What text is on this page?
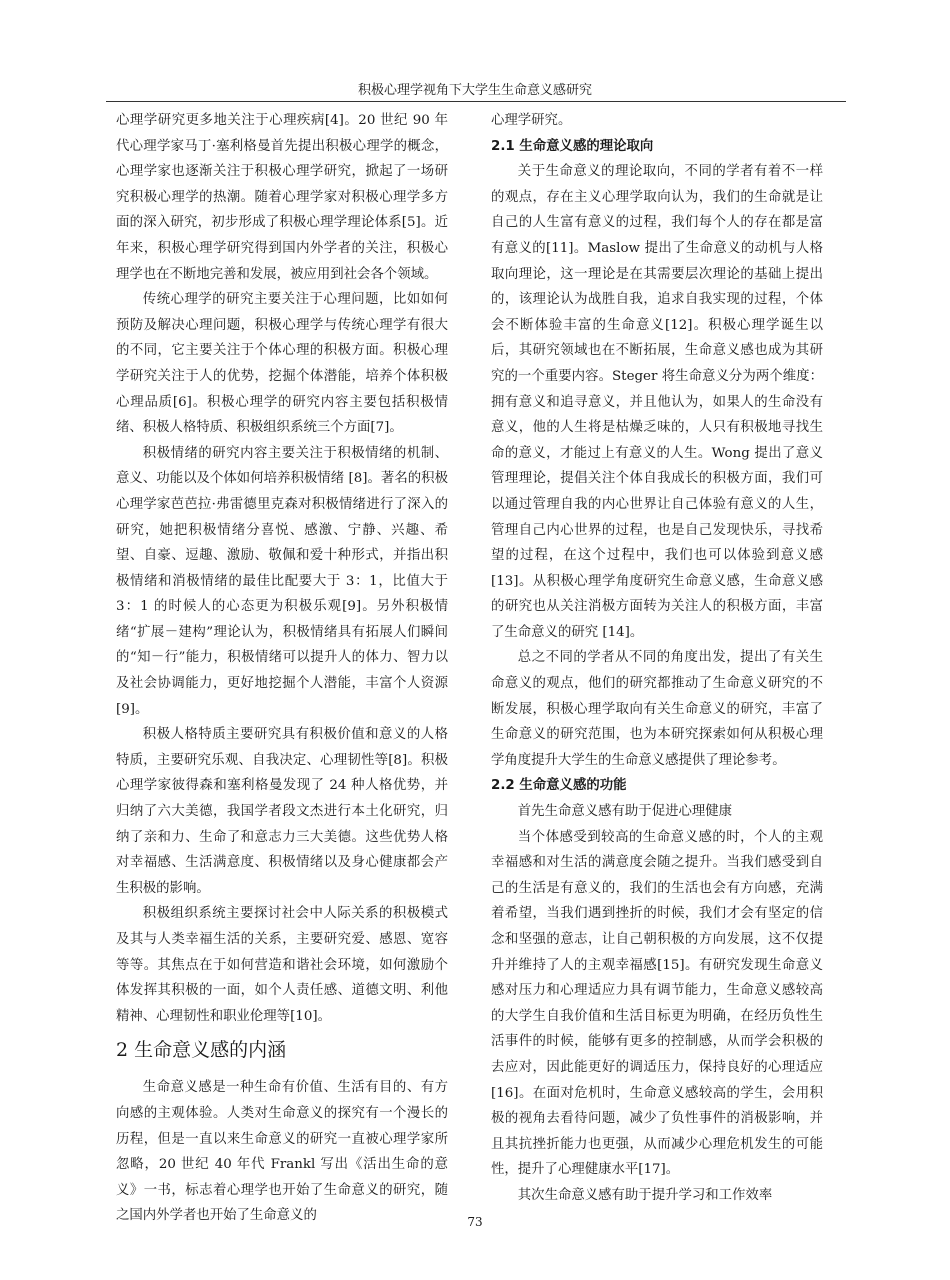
积极心理学视角下大学生生命意义感研究

心理学研究更多地关注于心理疾病[4]。20 世纪 90 年代心理学家马丁·塞利格曼首先提出积极心理学的概念，心理学家也逐渐关注于积极心理学研究，掀起了一场研究积极心理学的热潮。随着心理学家对积极心理学多方面的深入研究，初步形成了积极心理学理论体系[5]。近年来，积极心理学研究得到国内外学者的关注，积极心理学也在不断地完善和发展，被应用到社会各个领域。

传统心理学的研究主要关注于心理问题，比如如何预防及解决心理问题，积极心理学与传统心理学有很大的不同，它主要关注于个体心理的积极方面。积极心理学研究关注于人的优势，挖掘个体潜能，培养个体积极心理品质[6]。积极心理学的研究内容主要包括积极情绪、积极人格特质、积极组织系统三个方面[7]。

积极情绪的研究内容主要关注于积极情绪的机制、意义、功能以及个体如何培养积极情绪 [8]。著名的积极心理学家芭芭拉·弗雷德里克森对积极情绪进行了深入的研究，她把积极情绪分喜悦、感激、宁静、兴趣、希望、自豪、逗趣、激励、敬佩和爱十种形式，并指出积极情绪和消极情绪的最佳比配要大于 3：1，比值大于 3：1 的时候人的心态更为积极乐观[9]。另外积极情绪“扩展－建构”理论认为，积极情绪具有拓展人们瞬间的“知－行”能力，积极情绪可以提升人的体力、智力以及社会协调能力，更好地挖掘个人潜能，丰富个人资源 [9]。

积极人格特质主要研究具有积极价值和意义的人格特质，主要研究乐观、自我决定、心理韧性等[8]。积极心理学家彼得森和塞利格曼发现了 24 种人格优势，并归纳了六大美德，我国学者段文杰进行本土化研究，归纳了亲和力、生命了和意志力三大美德。这些优势人格对幸福感、生活满意度、积极情绪以及身心健康都会产生积极的影响。

积极组织系统主要探讨社会中人际关系的积极模式及其与人类幸福生活的关系，主要研究爱、感恩、宽容等等。其焦点在于如何营造和谐社会环境，如何激励个体发挥其积极的一面，如个人责任感、道德文明、利他精神、心理韧性和职业伦理等[10]。

2 生命意义感的内涵

生命意义感是一种生命有价值、生活有目的、有方向感的主观体验。人类对生命意义的探究有一个漫长的历程，但是一直以来生命意义的研究一直被心理学家所忽略，20 世纪 40 年代 Frankl 写出《活出生命的意义》一书，标志着心理学也开始了生命意义的研究，随之国内外学者也开始了生命意义的

心理学研究。

2.1 生命意义感的理论取向

关于生命意义的理论取向，不同的学者有着不一样的观点，存在主义心理学取向认为，我们的生命就是让自己的人生富有意义的过程，我们每个人的存在都是富有意义的[11]。Maslow 提出了生命意义的动机与人格取向理论，这一理论是在其需要层次理论的基础上提出的，该理论认为战胜自我，追求自我实现的过程，个体会不断体验丰富的生命意义[12]。积极心理学诞生以后，其研究领域也在不断拓展，生命意义感也成为其研究的一个重要内容。Steger 将生命意义分为两个维度：拥有意义和追寻意义，并且他认为，如果人的生命没有意义，他的人生将是枯燥乏味的，人只有积极地寻找生命的意义，才能过上有意义的人生。Wong 提出了意义管理理论，提倡关注个体自我成长的积极方面，我们可以通过管理自我的内心世界让自己体验有意义的人生，管理自己内心世界的过程，也是自己发现快乐，寻找希望的过程，在这个过程中，我们也可以体验到意义感[13]。从积极心理学角度研究生命意义感，生命意义感的研究也从关注消极方面转为关注人的积极方面，丰富了生命意义的研究 [14]。

总之不同的学者从不同的角度出发，提出了有关生命意义的观点，他们的研究都推动了生命意义研究的不断发展，积极心理学取向有关生命意义的研究，丰富了生命意义的研究范围，也为本研究探索如何从积极心理学角度提升大学生的生命意义感提供了理论参考。

2.2 生命意义感的功能

首先生命意义感有助于促进心理健康

当个体感受到较高的生命意义感的时，个人的主观幸福感和对生活的满意度会随之提升。当我们感受到自己的生活是有意义的，我们的生活也会有方向感，充满着希望，当我们遇到挫折的时候，我们才会有坚定的信念和坚强的意志，让自己朝积极的方向发展，这不仅提升并维持了人的主观幸福感[15]。有研究发现生命意义感对压力和心理适应力具有调节能力，生命意义感较高的大学生自我价值和生活目标更为明确，在经历负性生活事件的时候，能够有更多的控制感，从而学会积极的去应对，因此能更好的调适压力，保持良好的心理适应[16]。在面对危机时，生命意义感较高的学生，会用积极的视角去看待问题，减少了负性事件的消极影响，并且其抗挫折能力也更强，从而减少心理危机发生的可能性，提升了心理健康水平[17]。

其次生命意义感有助于提升学习和工作效率

73
